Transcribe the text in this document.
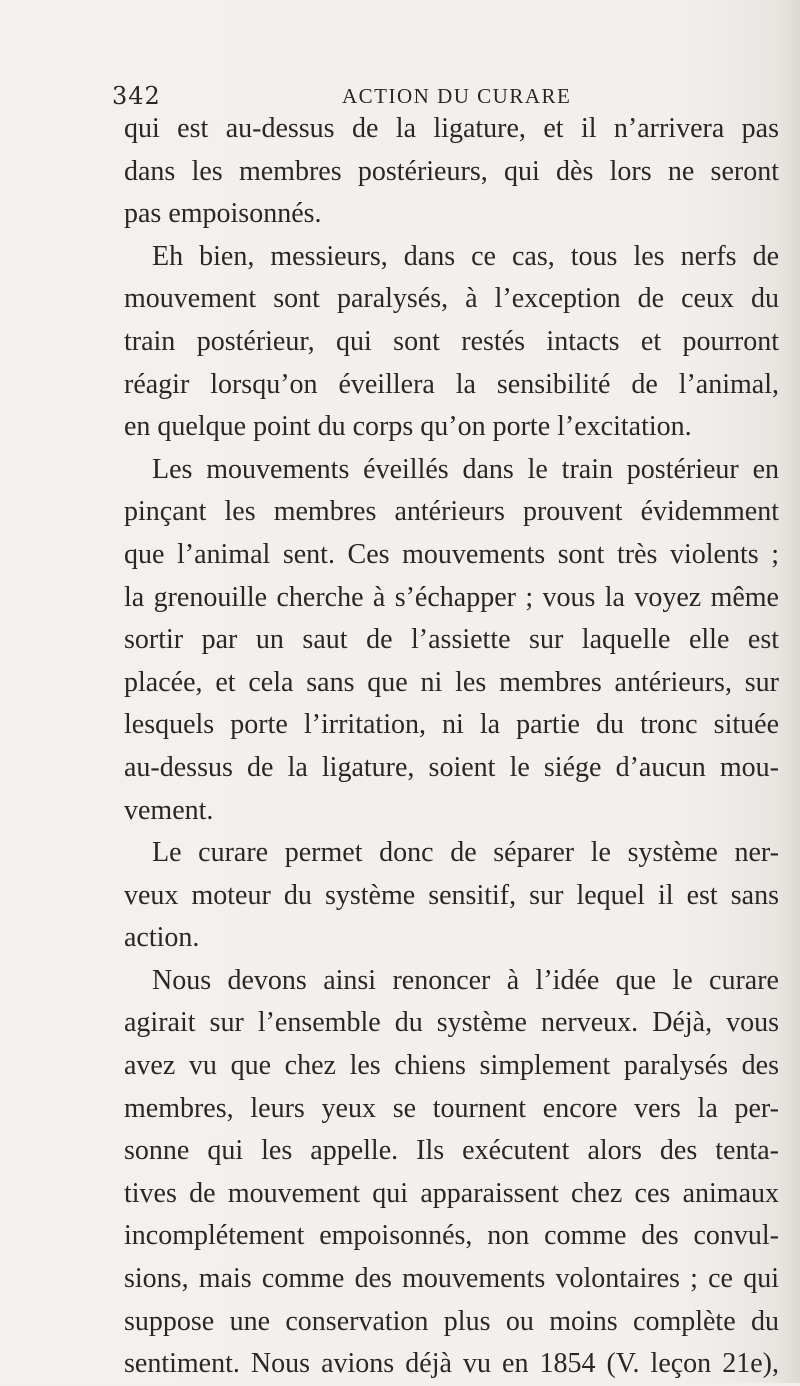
342	ACTION DU CURARE
qui est au-dessus de la ligature, et il n’arrivera pas
dans les membres postérieurs, qui dès lors ne seront
pas empoisonnés.
Eh bien, messieurs, dans ce cas, tous les nerfs de
mouvement sont paralysés, à l’exception de ceux du
train postérieur, qui sont restés intacts et pourront
réagir lorsqu’on éveillera la sensibilité de l’animal,
en quelque point du corps qu’on porte l’excitation.
Les mouvements éveillés dans le train postérieur en
pinçant les membres antérieurs prouvent évidemment
que l’animal sent. Ces mouvements sont très violents ;
la grenouille cherche à s’échapper ; vous la voyez même
sortir par un saut de l’assiette sur laquelle elle est
placée, et cela sans que ni les membres antérieurs, sur
lesquels porte l’irritation, ni la partie du tronc située
au-dessus de la ligature, soient le siége d’aucun mou-
vement.
Le curare permet donc de séparer le système ner-
veux moteur du système sensitif, sur lequel il est sans
action.
Nous devons ainsi renoncer à l’idée que le curare
agirait sur l’ensemble du système nerveux. Déjà, vous
avez vu que chez les chiens simplement paralysés des
membres, leurs yeux se tournent encore vers la per-
sonne qui les appelle. Ils exécutent alors des tenta-
tives de mouvement qui apparaissent chez ces animaux
incomplétement empoisonnés, non comme des convul-
sions, mais comme des mouvements volontaires ; ce qui
suppose une conservation plus ou moins complète du
sentiment. Nous avions déjà vu en 1854 (V. leçon 21e),
